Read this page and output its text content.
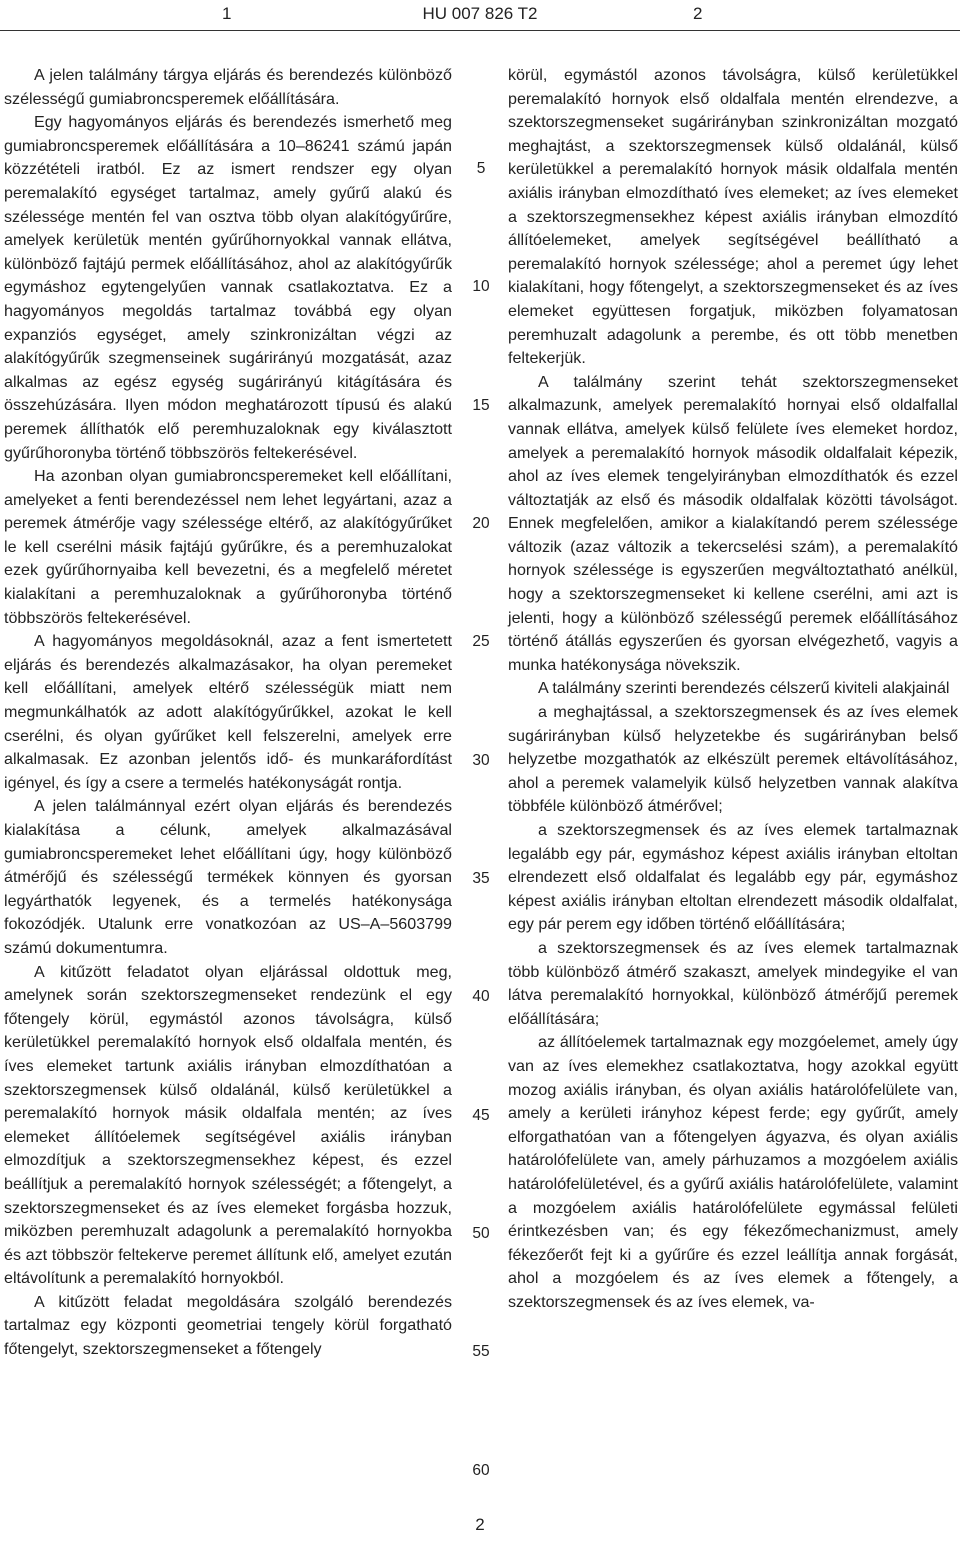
1	HU 007 826 T2	2

A jelen találmány tárgya eljárás és berendezés különböző szélességű gumiabroncsperemek előállítására.

Egy hagyományos eljárás és berendezés ismerhető meg gumiabroncsperemek előállítására a 10–86241 számú japán közzétételi iratból. Ez az ismert rendszer egy olyan peremalakító egységet tartalmaz, amely gyűrű alakú és szélessége mentén fel van osztva több olyan alakítógyűrűre, amelyek kerületük mentén gyűrűhornyokkal vannak ellátva, különböző fajtájú permek előállításához, ahol az alakítógyűrűk egymáshoz egytengelyűen vannak csatlakoztatva. Ez a hagyományos megoldás tartalmaz továbbá egy olyan expanziós egységet, amely szinkronizáltan végzi az alakítógyűrűk szegmenseinek sugárirányú mozgatását, azaz alkalmas az egész egység sugárirányú kitágítására és összehúzására. Ilyen módon meghatározott típusú és alakú peremek állíthatók elő peremhuzaloknak egy kiválasztott gyűrűhoronyba történő többszörös feltekerésével.

Ha azonban olyan gumiabroncsperemeket kell előállítani, amelyeket a fenti berendezéssel nem lehet legyártani, azaz a peremek átmérője vagy szélessége eltérő, az alakítógyűrűket le kell cserélni másik fajtájú gyűrűkre, és a peremhuzalokat ezek gyűrűhornyaiba kell bevezetni, és a megfelelő méretet kialakítani a peremhuzaloknak a gyűrűhoronyba történő többszörös feltekerésével.

A hagyományos megoldásoknál, azaz a fent ismertetett eljárás és berendezés alkalmazásakor, ha olyan peremeket kell előállítani, amelyek eltérő szélességük miatt nem megmunkálhatók az adott alakítógyűrűkkel, azokat le kell cserélni, és olyan gyűrűket kell felszerelni, amelyek erre alkalmasak. Ez azonban jelentős idő- és munkaráfordítást igényel, és így a csere a termelés hatékonyságát rontja.

A jelen találmánnyal ezért olyan eljárás és berendezés kialakítása a célunk, amelyek alkalmazásával gumiabroncsperemeket lehet előállítani úgy, hogy különböző átmérőjű és szélességű termékek könnyen és gyorsan legyárthatók legyenek, és a termelés hatékonysága fokozódjék. Utalunk erre vonatkozóan az US–A–5603799 számú dokumentumra.

A kitűzött feladatot olyan eljárással oldottuk meg, amelynek során szektorszegmenseket rendezünk el egy főtengely körül, egymástól azonos távolságra, külső kerületükkel peremalakító hornyok első oldalfala mentén, és íves elemeket tartunk axiális irányban elmozdíthatóan a szektorszegmensek külső oldalánál, külső kerületükkel a peremalakító hornyok másik oldalfala mentén; az íves elemeket állítóelemek segítségével axiális irányban elmozdítjuk a szektorszegmensekhez képest, és ezzel beállítjuk a peremalakító hornyok szélességét; a főtengelyt, a szektorszegmenseket és az íves elemeket forgásba hozzuk, miközben peremhuzalt adagolunk a peremalakító hornyokba és azt többször feltekerve peremet állítunk elő, amelyet ezután eltávolítunk a peremalakító hornyokból.

A kitűzött feladat megoldására szolgáló berendezés tartalmaz egy központi geometriai tengely körül forgatható főtengelyt, szektorszegmenseket a főtengely

5
10
15
20
25
30
35
40
45
50
55
60

körül, egymástól azonos távolságra, külső kerületükkel peremalakító hornyok első oldalfala mentén elrendezve, a szektorszegmenseket sugárirányban szinkronizáltan mozgató meghajtást, a szektorszegmensek külső oldalánál, külső kerületükkel a peremalakító hornyok másik oldalfala mentén axiális irányban elmozdítható íves elemeket; az íves elemeket a szektorszegmensekhez képest axiális irányban elmozdító állítóelemeket, amelyek segítségével beállítható a peremalakító hornyok szélessége; ahol a peremet úgy lehet kialakítani, hogy főtengelyt, a szektorszegmenseket és az íves elemeket együttesen forgatjuk, miközben folyamatosan peremhuzalt adagolunk a perembe, és ott több menetben feltekerjük.

A találmány szerint tehát szektorszegmenseket alkalmazunk, amelyek peremalakító hornyai első oldalfallal vannak ellátva, amelyek külső felülete íves elemeket hordoz, amelyek a peremalakító hornyok második oldalfalait képezik, ahol az íves elemek tengelyirányban elmozdíthatók és ezzel változtatják az első és második oldalfalak közötti távolságot. Ennek megfelelően, amikor a kialakítandó perem szélessége változik (azaz változik a tekercselési szám), a peremalakító hornyok szélessége is egyszerűen megváltoztatható anélkül, hogy a szektorszegmenseket ki kellene cserélni, ami azt is jelenti, hogy a különböző szélességű peremek előállításához történő átállás egyszerűen és gyorsan elvégezhető, vagyis a munka hatékonysága növekszik.

A találmány szerinti berendezés célszerű kiviteli alakjainál

a meghajtással, a szektorszegmensek és az íves elemek sugárirányban külső helyzetekbe és sugárirányban belső helyzetbe mozgathatók az elkészült peremek eltávolításához, ahol a peremek valamelyik külső helyzetben vannak alakítva többféle különböző átmérővel;

a szektorszegmensek és az íves elemek tartalmaznak legalább egy pár, egymáshoz képest axiális irányban eltoltan elrendezett első oldalfalat és legalább egy pár, egymáshoz képest axiális irányban eltoltan elrendezett második oldalfalat, egy pár perem egy időben történő előállítására;

a szektorszegmensek és az íves elemek tartalmaznak több különböző átmérő szakaszt, amelyek mindegyike el van látva peremalakító hornyokkal, különböző átmérőjű peremek előállítására;

az állítóelemek tartalmaznak egy mozgóelemet, amely úgy van az íves elemekhez csatlakoztatva, hogy azokkal együtt mozog axiális irányban, és olyan axiális határolófelülete van, amely a kerületi irányhoz képest ferde; egy gyűrűt, amely elforgathatóan van a főtengelyen ágyazva, és olyan axiális határolófelülete van, amely párhuzamos a mozgóelem axiális határolófelületével, és a gyűrű axiális határolófelülete, valamint a mozgóelem axiális határolófelülete egymással felületi érintkezésben van; és egy fékezőmechanizmust, amely fékezőerőt fejt ki a gyűrűre és ezzel leállítja annak forgását, ahol a mozgóelem és az íves elemek a főtengely, a szektorszegmensek és az íves elemek, va-

2
